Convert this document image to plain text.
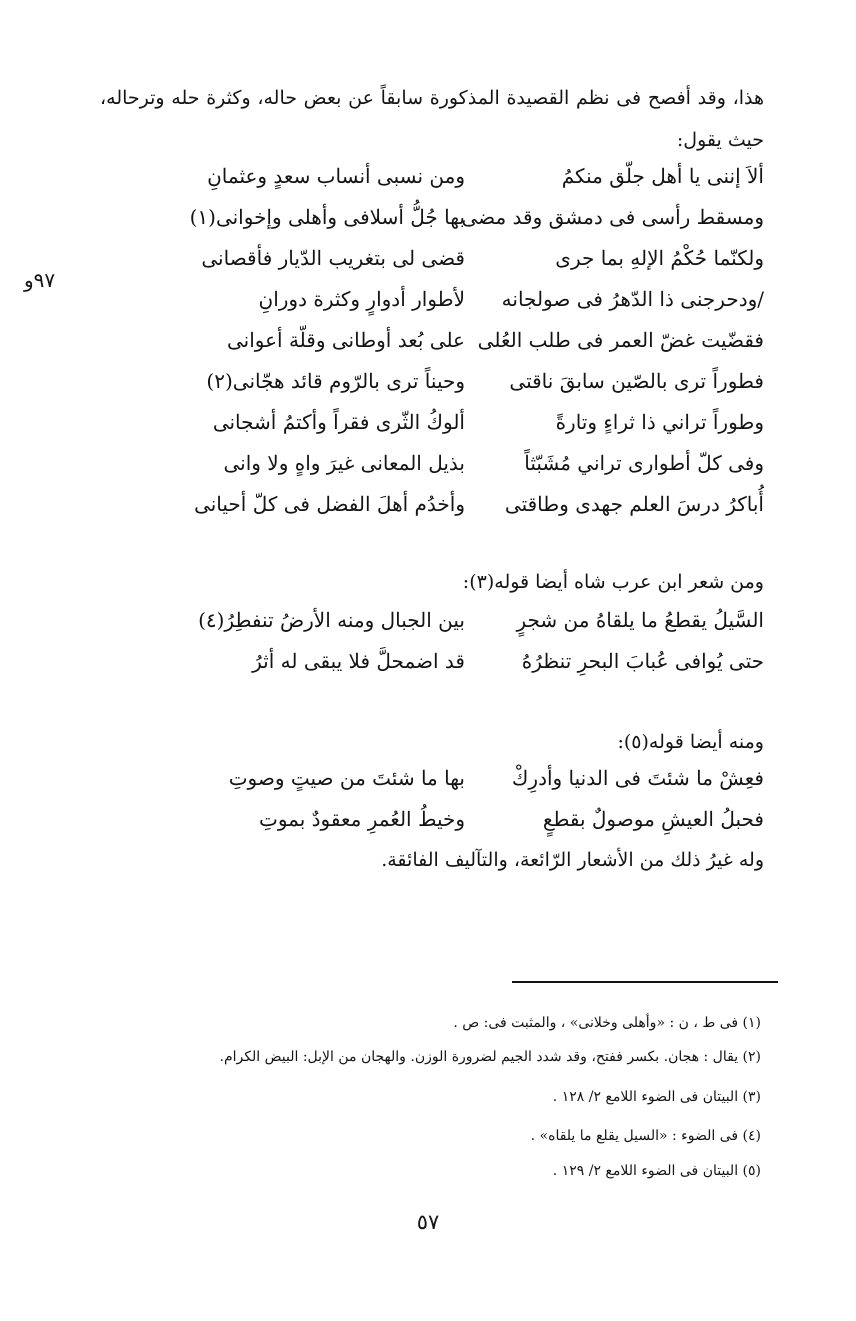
٩٧و
هذا، وقد أفصح فى نظم القصيدة المذكورة سابقاً عن بعض حاله، وكثرة حله وترحاله،
حيث يقول:
ألاَ إننى يا أهل جلّق منكمُ
ومن نسبى أنساب سعدٍ وعثمانِ
ومسقط رأسى فى دمشق وقد مضى
بها جُلُّ أسلافى وأهلى وإخوانى(١)
ولكنّما حُكْمُ الإلهِ بما جرى
قضى لى بتغريب الدّيار فأقصانى
/ودحرجنى ذا الدّهرُ فى صولجانه
لأطوار أدوارٍ وكثرة دورانِ
فقضّيت غضّ العمر فى طلب العُلى
على بُعد أوطانى وقلّة أعوانى
فطوراً ترى بالصّين سابقَ ناقتى
وحيناً ترى بالرّوم قائد هجّانى(٢)
وطوراً تراني ذا ثراءٍ وتارةً
ألوكُ الثّرى فقراً وأكتمُ أشجانى
وفى كلّ أطوارى تراني مُشَبّثاً
بذيل المعانى غيرَ واهٍ ولا وانى
أُباكرُ درسَ العلم جهدى وطاقتى
وأخدُم أهلَ الفضل فى كلّ أحيانى
ومن شعر ابن عرب شاه أيضا قوله(٣):
السَّيلُ يقطعُ ما يلقاهُ من شجرٍ
بين الجبال ومنه الأرضُ تنفطِرُ(٤)
حتى يُوافى عُبابَ البحرِ تنظرُهُ
قد اضمحلَّ فلا يبقى له أثرُ
ومنه أيضا قوله(٥):
فعِشْ ما شئتَ فى الدنيا وأدرِكْ
بها ما شئتَ من صيتٍ وصوتِ
فحبلُ العيشِ موصولٌ بقطعٍ
وخيطُ العُمرِ معقودٌ بموتِ
وله غيرُ ذلك من الأشعار الرّائعة، والتآليف الفائقة.
(١) فى ط ، ن : «وأهلى وخلانى» ، والمثبت فى: ص .
(٢) يقال : هجان. بكسر ففتح، وقد شدد الجيم لضرورة الوزن. والهجان من الإبل: البيض الكرام.
(٣) البيتان فى الضوء اللامع ٢/ ١٢٨ .
(٤) فى الضوء : «السيل يقلع ما يلقاه» .
(٥) البيتان فى الضوء اللامع ٢/ ١٢٩ .
٥٧
